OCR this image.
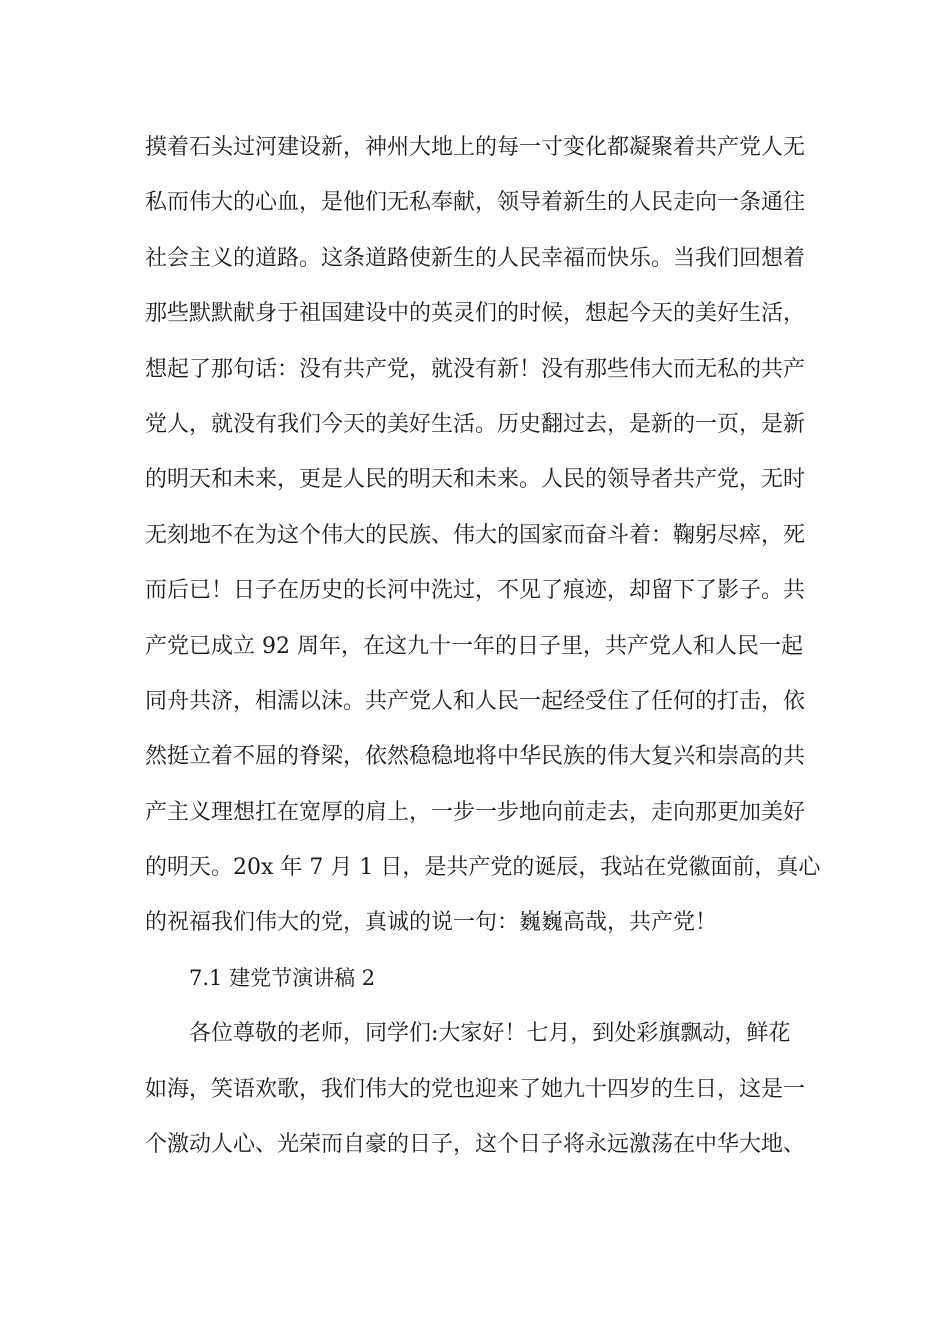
摸着石头过河建设新，神州大地上的每一寸变化都凝聚着共产党人无
私而伟大的心血，是他们无私奉献，领导着新生的人民走向一条通往
社会主义的道路。这条道路使新生的人民幸福而快乐。当我们回想着
那些默默献身于祖国建设中的英灵们的时候，想起今天的美好生活，
想起了那句话：没有共产党，就没有新！没有那些伟大而无私的共产
党人，就没有我们今天的美好生活。历史翻过去，是新的一页，是新
的明天和未来，更是人民的明天和未来。人民的领导者共产党，无时
无刻地不在为这个伟大的民族、伟大的国家而奋斗着：鞠躬尽瘁，死
而后已！日子在历史的长河中洗过，不见了痕迹，却留下了影子。共
产党已成立 92 周年，在这九十一年的日子里，共产党人和人民一起
同舟共济，相濡以沫。共产党人和人民一起经受住了任何的打击，依
然挺立着不屈的脊梁，依然稳稳地将中华民族的伟大复兴和崇高的共
产主义理想扛在宽厚的肩上，一步一步地向前走去，走向那更加美好
的明天。20x 年 7 月 1 日，是共产党的诞辰，我站在党徽面前，真心
的祝福我们伟大的党，真诚的说一句：巍巍高哉，共产党！
7.1 建党节演讲稿 2
各位尊敬的老师，同学们:大家好！七月，到处彩旗飘动，鲜花
如海，笑语欢歌，我们伟大的党也迎来了她九十四岁的生日，这是一
个激动人心、光荣而自豪的日子，这个日子将永远激荡在中华大地、
